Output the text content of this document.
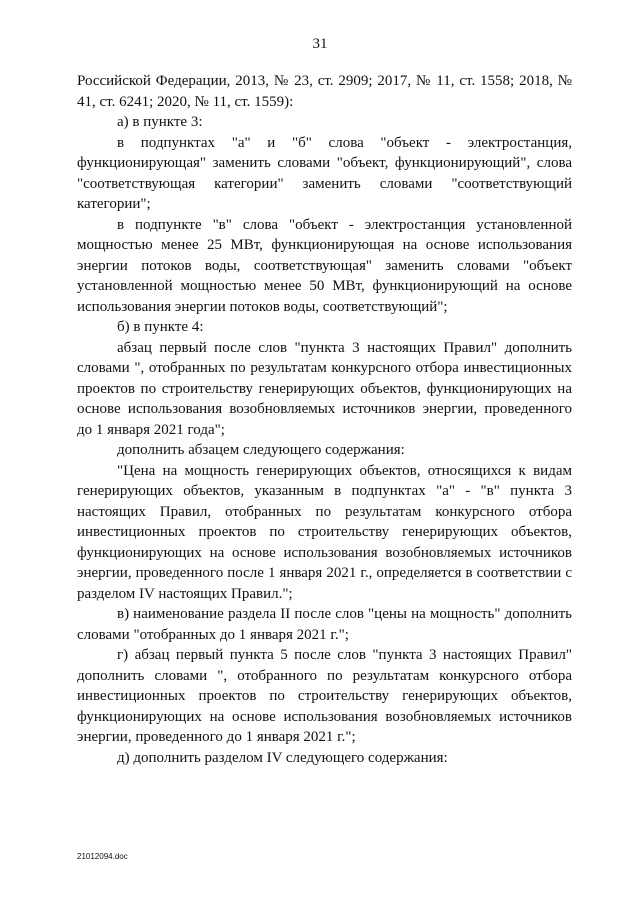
31

Российской Федерации, 2013, № 23, ст. 2909; 2017, № 11, ст. 1558; 2018, № 41, ст. 6241; 2020, № 11, ст. 1559):

а) в пункте 3:

в подпунктах "а" и "б" слова "объект - электростанция, функционирующая" заменить словами "объект, функционирующий", слова "соответствующая категории" заменить словами "соответствующий категории";

в подпункте "в" слова "объект - электростанция установленной мощностью менее 25 МВт, функционирующая на основе использования энергии потоков воды, соответствующая" заменить словами "объект установленной мощностью менее 50 МВт, функционирующий на основе использования энергии потоков воды, соответствующий";

б) в пункте 4:

абзац первый после слов "пункта 3 настоящих Правил" дополнить словами ", отобранных по результатам конкурсного отбора инвестиционных проектов по строительству генерирующих объектов, функционирующих на основе использования возобновляемых источников энергии, проведенного до 1 января 2021 года";

дополнить абзацем следующего содержания:

"Цена на мощность генерирующих объектов, относящихся к видам генерирующих объектов, указанным в подпунктах "а" - "в" пункта 3 настоящих Правил, отобранных по результатам конкурсного отбора инвестиционных проектов по строительству генерирующих объектов, функционирующих на основе использования возобновляемых источников энергии, проведенного после 1 января 2021 г., определяется в соответствии с разделом IV настоящих Правил.";

в) наименование раздела II после слов "цены на мощность" дополнить словами "отобранных до 1 января 2021 г.";

г) абзац первый пункта 5 после слов "пункта 3 настоящих Правил" дополнить словами ", отобранного по результатам конкурсного отбора инвестиционных проектов по строительству генерирующих объектов, функционирующих на основе использования возобновляемых источников энергии, проведенного до 1 января 2021 г.";

д) дополнить разделом IV следующего содержания:

21012094.doc
